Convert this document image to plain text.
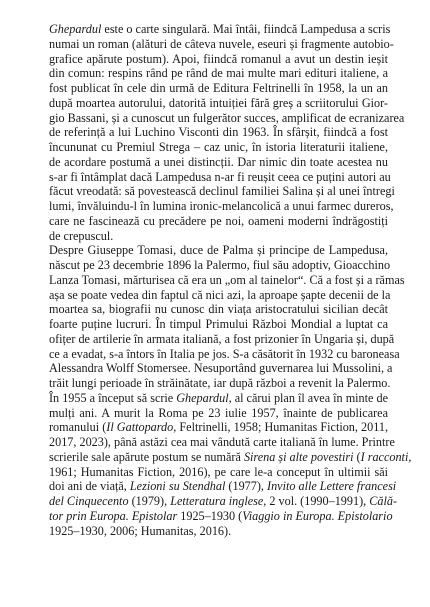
Ghepardul este o carte singulară. Mai întâi, fiindcă Lampedusa a scris
numai un roman (alături de câteva nuvele, eseuri și fragmente autobio-
grafice apărute postum). Apoi, fiindcă romanul a avut un destin ieșit
din comun: respins rând pe rând de mai multe mari edituri italiene, a
fost publicat în cele din urmă de Editura Feltrinelli în 1958, la un an
după moartea autorului, datorită intuiției fără greș a scriitorului Gior-
gio Bassani, și a cunoscut un fulgerător succes, amplificat de ecranizarea
de referință a lui Luchino Visconti din 1963. În sfârșit, fiindcă a fost
încununat cu Premiul Strega – caz unic, în istoria literaturii italiene,
de acordare postumă a unei distincții. Dar nimic din toate acestea nu
s-ar fi întâmplat dacă Lampedusa n-ar fi reușit ceea ce puțini autori au
făcut vreodată: să povestească declinul familiei Salina și al unei întregi
lumi, învăluindu-l în lumina ironic-melancolică a unui farmec dureros,
care ne fascinează cu precădere pe noi, oameni moderni îndrăgostiți
de crepuscul.
Despre Giuseppe Tomasi, duce de Palma și principe de Lampedusa,
născut pe 23 decembrie 1896 la Palermo, fiul său adoptiv, Gioacchino
Lanza Tomasi, mărturisea că era un „om al tainelor“. Că a fost și a rămas
așa se poate vedea din faptul că nici azi, la aproape șapte decenii de la
moartea sa, biografii nu cunosc din viața aristocratului sicilian decât
foarte puține lucruri. În timpul Primului Război Mondial a luptat ca
ofițer de artilerie în armata italiană, a fost prizonier în Ungaria și, după
ce a evadat, s-a întors în Italia pe jos. S-a căsătorit în 1932 cu baroneasa
Alessandra Wolff Stomersee. Nesuportând guvernarea lui Mussolini, a
trăit lungi perioade în străinătate, iar după război a revenit la Palermo.
În 1955 a început să scrie Ghepardul, al cărui plan îl avea în minte de
mulți ani. A murit la Roma pe 23 iulie 1957, înainte de publicarea
romanului (Il Gattopardo, Feltrinelli, 1958; Humanitas Fiction, 2011,
2017, 2023), până astăzi cea mai vândută carte italiană în lume. Printre
scrierile sale apărute postum se numără Sirena și alte povestiri (I racconti,
1961; Humanitas Fiction, 2016), pe care le-a conceput în ultimii săi
doi ani de viață, Lezioni su Stendhal (1977), Invito alle Lettere francesi
del Cinquecento (1979), Letteratura inglese, 2 vol. (1990–1991), Călă-
tor prin Europa. Epistolar 1925–1930 (Viaggio in Europa. Epistolario
1925–1930, 2006; Humanitas, 2016).
